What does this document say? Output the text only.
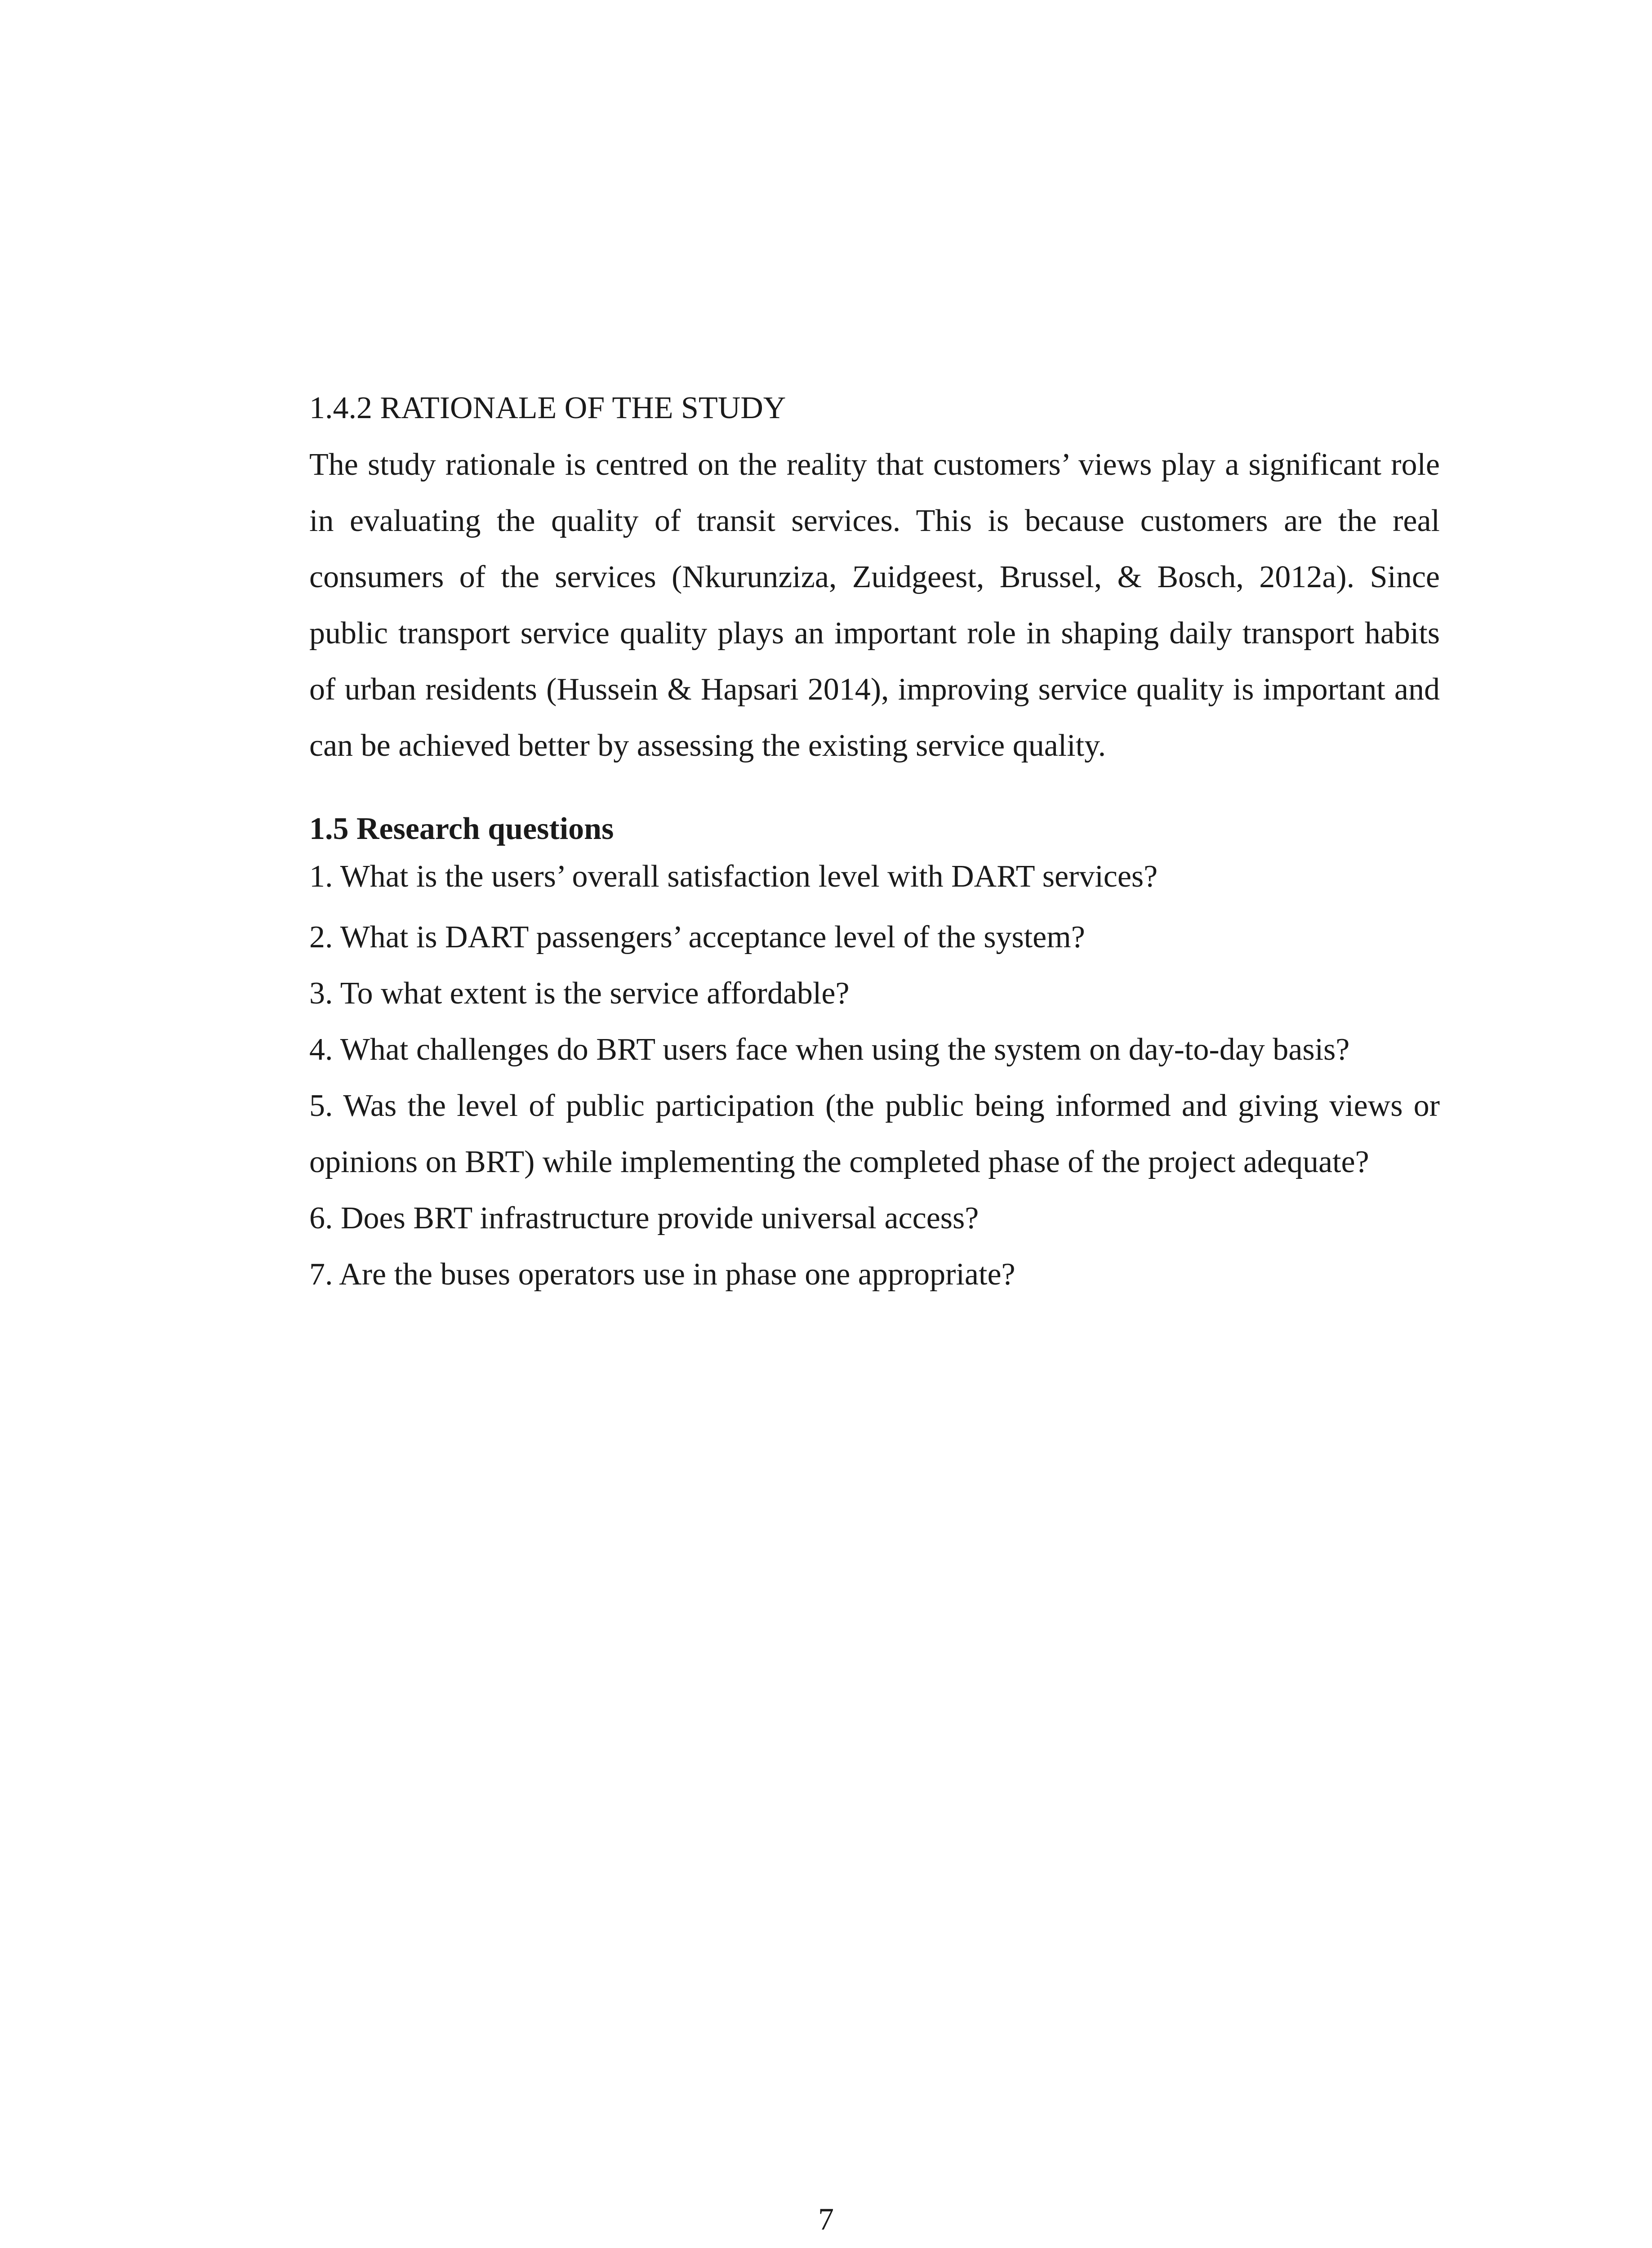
1.4.2 RATIONALE OF THE STUDY

The study rationale is centred on the reality that customers’ views play a significant role in evaluating the quality of transit services. This is because customers are the real consumers of the services (Nkurunziza, Zuidgeest, Brussel, & Bosch, 2012a). Since public transport service quality plays an important role in shaping daily transport habits of urban residents (Hussein & Hapsari 2014), improving service quality is important and can be achieved better by assessing the existing service quality.

1.5 Research questions
1. What is the users’ overall satisfaction level with DART services?
2. What is DART passengers’ acceptance level of the system?
3. To what extent is the service affordable?
4. What challenges do BRT users face when using the system on day-to-day basis?
5. Was the level of public participation (the public being informed and giving views or opinions on BRT) while implementing the completed phase of the project adequate?
6. Does BRT infrastructure provide universal access?
7. Are the buses operators use in phase one appropriate?
7
